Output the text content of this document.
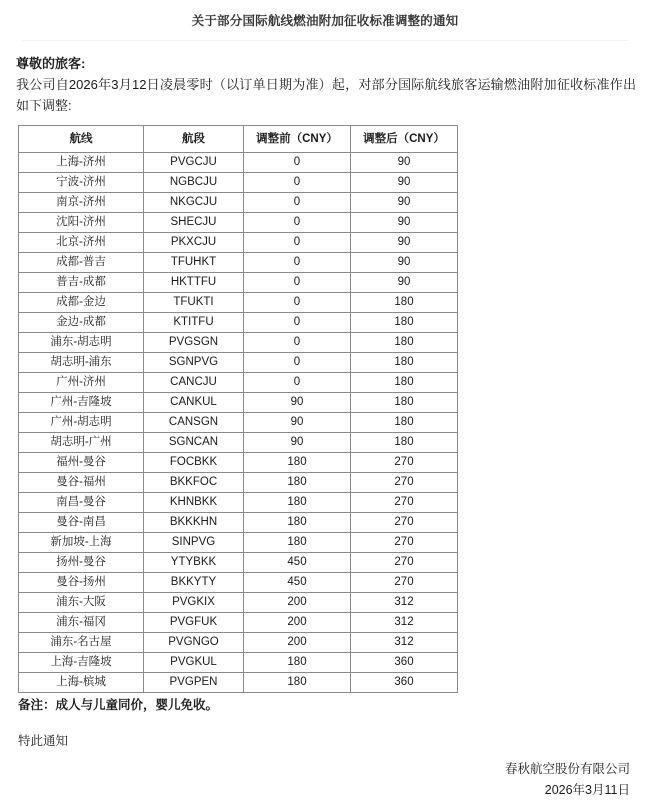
关于部分国际航线燃油附加征收标准调整的通知
尊敬的旅客:
我公司自2026年3月12日凌晨零时（以订单日期为准）起，对部分国际航线旅客运输燃油附加征收标准作出如下调整:
航线	航段	调整前（CNY）	调整后（CNY）
上海-济州	PVGCJU	0	90
宁波-济州	NGBCJU	0	90
南京-济州	NKGCJU	0	90
沈阳-济州	SHECJU	0	90
北京-济州	PKXCJU	0	90
成都-普吉	TFUHKT	0	90
普吉-成都	HKTTFU	0	90
成都-金边	TFUKTI	0	180
金边-成都	KTITFU	0	180
浦东-胡志明	PVGSGN	0	180
胡志明-浦东	SGNPVG	0	180
广州-济州	CANCJU	0	180
广州-吉隆坡	CANKUL	90	180
广州-胡志明	CANSGN	90	180
胡志明-广州	SGNCAN	90	180
福州-曼谷	FOCBKK	180	270
曼谷-福州	BKKFOC	180	270
南昌-曼谷	KHNBKK	180	270
曼谷-南昌	BKKKHN	180	270
新加坡-上海	SINPVG	180	270
扬州-曼谷	YTYBKK	450	270
曼谷-扬州	BKKYTY	450	270
浦东-大阪	PVGKIX	200	312
浦东-福冈	PVGFUK	200	312
浦东-名古屋	PVGNGO	200	312
上海-吉隆坡	PVGKUL	180	360
上海-槟城	PVGPEN	180	360
备注：成人与儿童同价，婴儿免收。
特此通知
春秋航空股份有限公司
2026年3月11日
